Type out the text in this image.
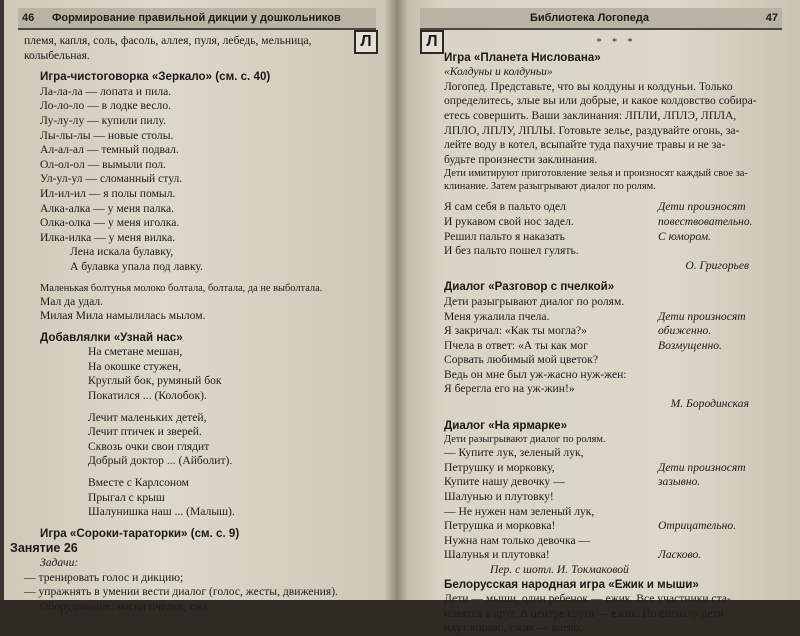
46 Формирование правильной дикции у дошкольников
Л
племя, капля, соль, фасоль, аллея, пуля, лебедь, мельница,
колыбельная.
Игра-чистоговорка «Зеркало» (см. с. 40)
Ла-ла-ла — лопата и пила.
Ло-ло-ло — в лодке весло.
Лу-лу-лу — купили пилу.
Лы-лы-лы — новые столы.
Ал-ал-ал — темный подвал.
Ол-ол-ол — вымыли пол.
Ул-ул-ул — сломанный стул.
Ил-ил-ил — я полы помыл.
Алка-алка — у меня палка.
Олка-олка — у меня иголка.
Илка-илка — у меня вилка.
Лена искала булавку,
А булавка упала под лавку.
Маленькая болтунья молоко болтала, болтала, да не выболтала.
Мал да удал.
Милая Мила намылилась мылом.
Добавлялки «Узнай нас»
На сметане мешан,
На окошке стужен,
Круглый бок, румяный бок
Покатился ... (Колобок).
Лечит маленьких детей,
Лечит птичек и зверей.
Сквозь очки свои глядит
Добрый доктор ... (Айболит).
Вместе с Карлсоном
Прыгал с крыш
Шалунишка наш ... (Малыш).
Игра «Сороки-тараторки» (см. с. 9)
Занятие 26
Задачи:
— тренировать голос и дикцию;
— упражнять в умении вести диалог (голос, жесты, движения).
Оборудование: маски пчелки, ежа.
Библиотека Логопеда	47
Л	* * *
Игра «Планета Нислована»
«Колдуны и колдуньи»
Логопед. Представьте, что вы колдуны и колдуньи. Только
определитесь, злые вы или добрые, и какое колдовство собира-
етесь совершить. Ваши заклинания: ЛПЛИ, ЛПЛЭ, ЛПЛА,
ЛПЛО, ЛПЛУ, ЛПЛЫ. Готовьте зелье, раздувайте огонь, за-
лейте воду в котел, всыпайте туда пахучие травы и не за-
будьте произнести заклинания.
Дети имитируют приготовление зелья и произносят каждый свое за-
клинание. Затем разыгрывают диалог по ролям.
Я сам себя в пальто одел	Дети произносят
И рукавом свой нос задел.	повествовательно.
Решил пальто я наказать	С юмором.
И без пальто пошел гулять.
О. Григорьев
Диалог «Разговор с пчелкой»
Дети разыгрывают диалог по ролям.
Меня ужалила пчела.	Дети произносят
Я закричал: «Как ты могла?»	обиженно.
Пчела в ответ: «А ты как мог	Возмущенно.
Сорвать любимый мой цветок?
Ведь он мне был уж-жасно нуж-жен:
Я берегла его на уж-жин!»
М. Бородинская
Диалог «На ярмарке»
Дети разыгрывают диалог по ролям.
— Купите лук, зеленый лук,
Петрушку и морковку,	Дети произносят
Купите нашу девочку —	зазывно.
Шалунью и плутовку!
— Не нужен нам зеленый лук,
Петрушка и морковка!	Отрицательно.
Нужна нам только девочка —
Шалунья и плутовка!	Ласково.
Пер. с шотл. И. Токмаковой
Белорусская народная игра «Ежик и мыши»
Дети — мыши, один ребенок — ежик. Все участники ста-
новятся в круг. В центре круга — ежик. По сигналу дети
идут вправо, ежик — влево.
